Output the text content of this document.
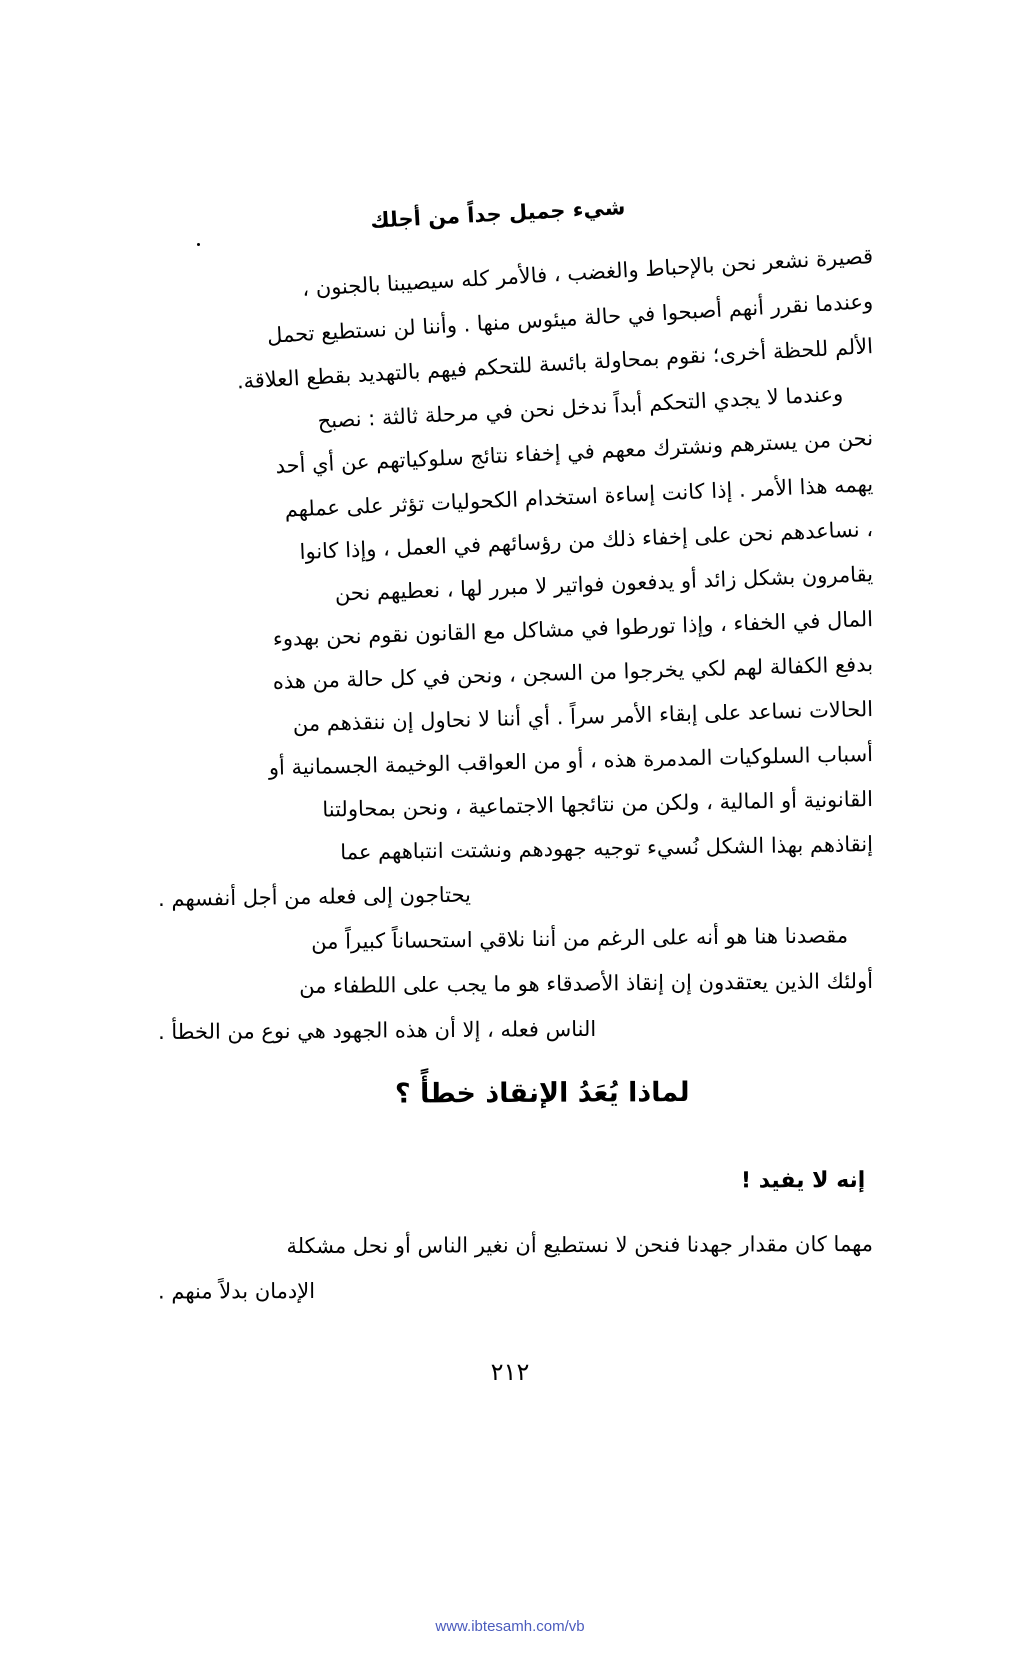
شيء جميل جداً من أجلك
قصيرة نشعر نحن بالإحباط والغضب ، فالأمر كله سيصيبنا بالجنون ،
وعندما نقرر أنهم أصبحوا في حالة ميئوس منها . وأننا لن نستطيع تحمل
الألم للحظة أخرى؛ نقوم بمحاولة بائسة للتحكم فيهم بالتهديد بقطع العلاقة.
وعندما لا يجدي التحكم أبداً ندخل نحن في مرحلة ثالثة : نصبح
نحن من يسترهم ونشترك معهم في إخفاء نتائج سلوكياتهم عن أي أحد
يهمه هذا الأمر . إذا كانت إساءة استخدام الكحوليات تؤثر على عملهم
، نساعدهم نحن على إخفاء ذلك من رؤسائهم في العمل ، وإذا كانوا
يقامرون بشكل زائد أو يدفعون فواتير لا مبرر لها ، نعطيهم نحن
المال في الخفاء ، وإذا تورطوا في مشاكل مع القانون نقوم نحن بهدوء
بدفع الكفالة لهم لكي يخرجوا من السجن ، ونحن في كل حالة من هذه
الحالات نساعد على إبقاء الأمر سراً . أي أننا لا نحاول إن ننقذهم من
أسباب السلوكيات المدمرة هذه ، أو من العواقب الوخيمة الجسمانية أو
القانونية أو المالية ، ولكن من نتائجها الاجتماعية ، ونحن بمحاولتنا
إنقاذهم بهذا الشكل نُسيء توجيه جهودهم ونشتت انتباههم عما
يحتاجون إلى فعله من أجل أنفسهم .
مقصدنا هنا هو أنه على الرغم من أننا نلاقي استحساناً كبيراً من
أولئك الذين يعتقدون إن إنقاذ الأصدقاء هو ما يجب على اللطفاء من
الناس فعله ، إلا أن هذه الجهود هي نوع من الخطأ .
لماذا يُعَدُ الإنقاذ خطأً ؟
إنه لا يفيد !
مهما كان مقدار جهدنا فنحن لا نستطيع أن نغير الناس أو نحل مشكلة
الإدمان بدلاً منهم .
٢١٢
www.ibtesamh.com/vb
